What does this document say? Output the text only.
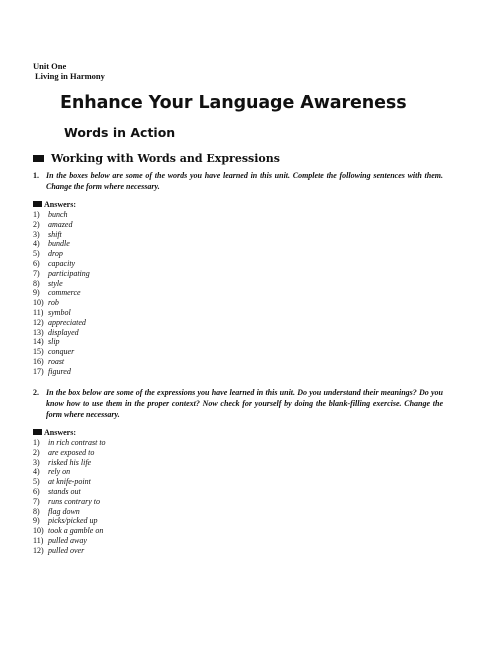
Unit One
Living in Harmony
Enhance Your Language Awareness
Words in Action
Working with Words and Expressions
1. In the boxes below are some of the words you have learned in this unit. Complete the following sentences with them. Change the form where necessary.
Answers:
1) bunch
2) amazed
3) shift
4) bundle
5) drop
6) capacity
7) participating
8) style
9) commerce
10) rob
11) symbol
12) appreciated
13) displayed
14) slip
15) conquer
16) roast
17) figured
2. In the box below are some of the expressions you have learned in this unit. Do you understand their meanings? Do you know how to use them in the proper context? Now check for yourself by doing the blank-filling exercise. Change the form where necessary.
Answers:
1) in rich contrast to
2) are exposed to
3) risked his life
4) rely on
5) at knife-point
6) stands out
7) runs contrary to
8) flag down
9) picks/picked up
10) took a gamble on
11) pulled away
12) pulled over
